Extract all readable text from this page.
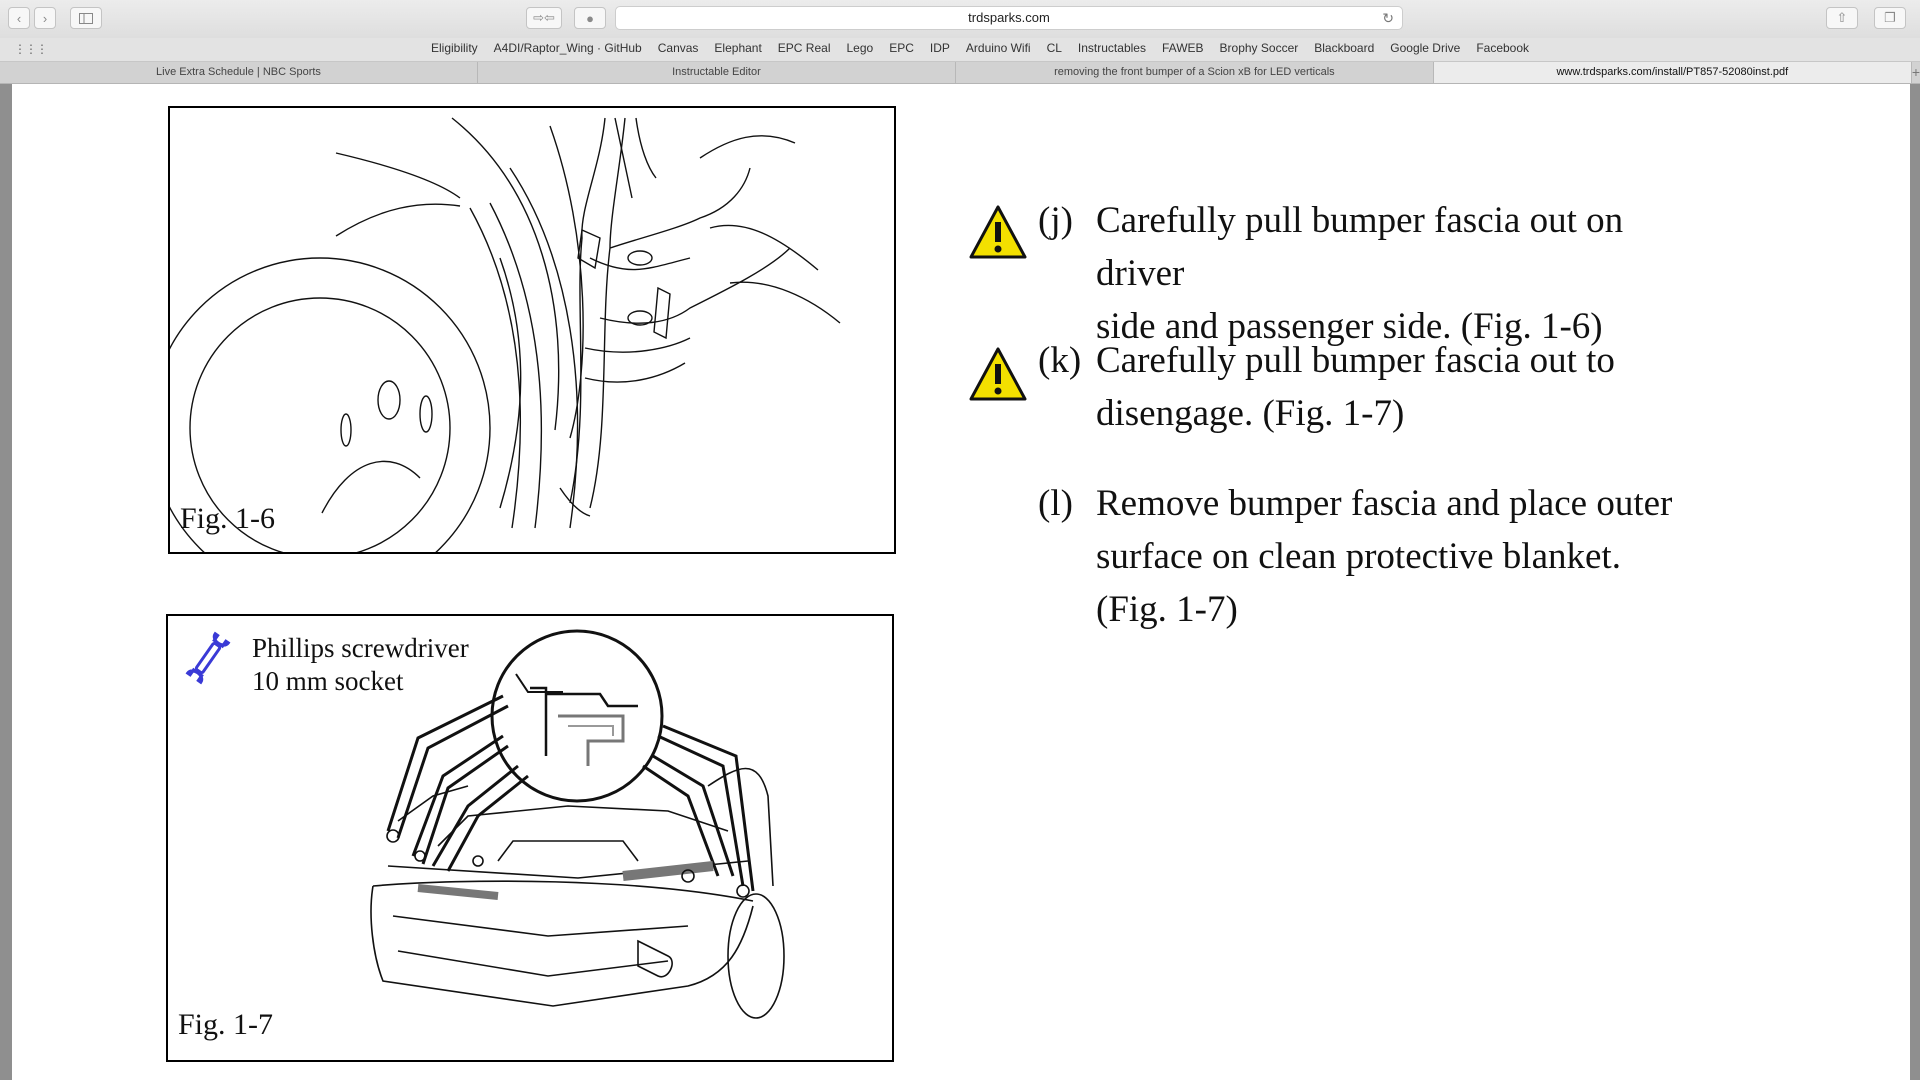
‹	›	⇨⇦	●	trdsparks.com	↻	⇧	❐
⋮⋮⋮	Eligibility A4DI/Raptor_Wing · GitHub Canvas Elephant EPC Real Lego EPC IDP Arduino Wifi CL Instructables FAWEB Brophy Soccer Blackboard Google Drive Facebook
Live Extra Schedule | NBC Sports	Instructable Editor	removing the front bumper of a Scion xB for LED verticals	www.trdsparks.com/install/PT857-52080inst.pdf	+
Fig. 1-6
Phillips screwdriver
10 mm socket
Fig. 1-7
(j) Carefully pull bumper fascia out on driver
side and passenger side. (Fig. 1-6)
(k) Carefully pull bumper fascia out to
disengage. (Fig. 1-7)
(l) Remove bumper fascia and place outer
surface on clean protective blanket.
(Fig. 1-7)
